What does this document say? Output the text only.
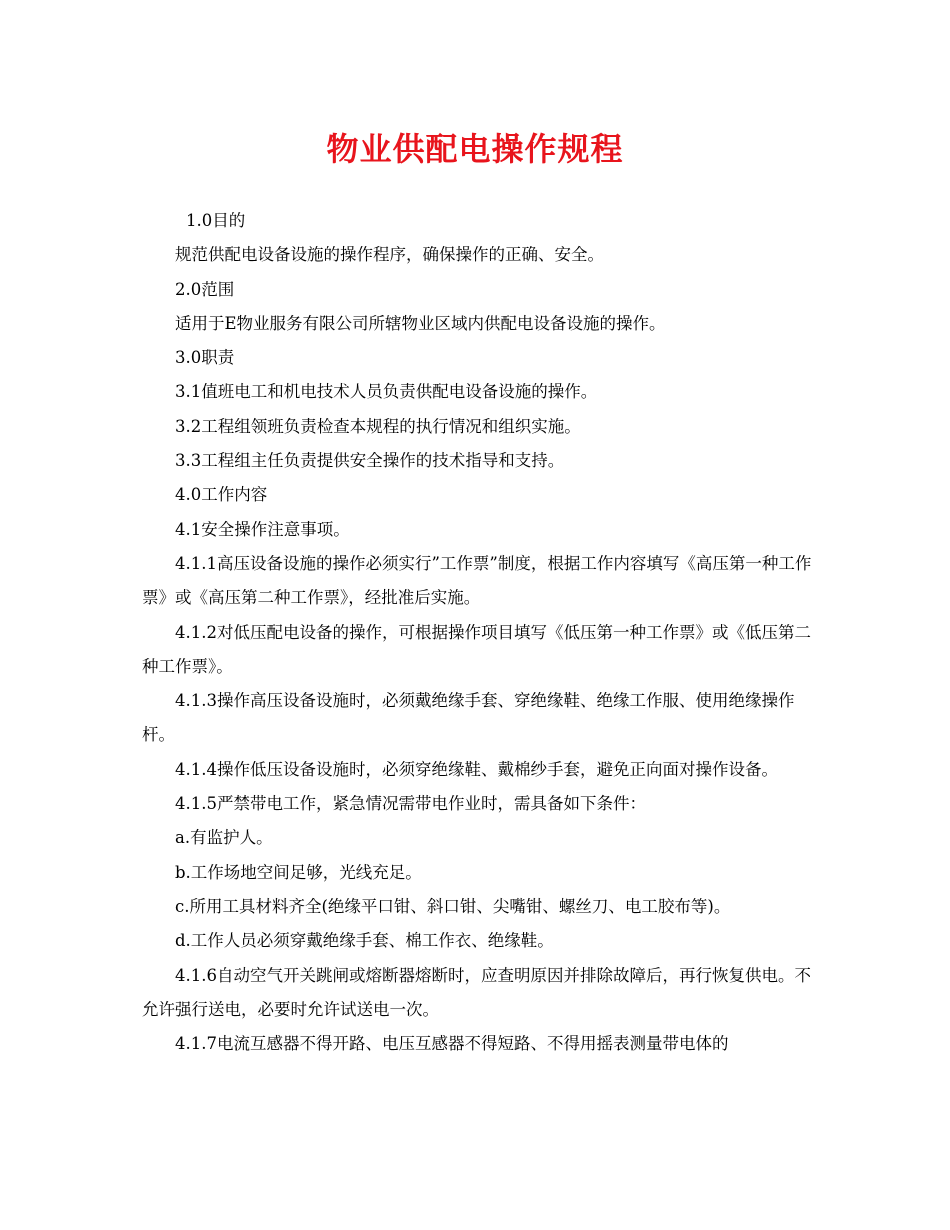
物业供配电操作规程

1.0目的

规范供配电设备设施的操作程序，确保操作的正确、安全。

2.0范围

适用于E物业服务有限公司所辖物业区域内供配电设备设施的操作。

3.0职责

3.1值班电工和机电技术人员负责供配电设备设施的操作。

3.2工程组领班负责检查本规程的执行情况和组织实施。

3.3工程组主任负责提供安全操作的技术指导和支持。

4.0工作内容

4.1安全操作注意事项。

4.1.1高压设备设施的操作必须实行”工作票”制度，根据工作内容填写《高压第一种工作票》或《高压第二种工作票》，经批准后实施。

4.1.2对低压配电设备的操作，可根据操作项目填写《低压第一种工作票》或《低压第二种工作票》。

4.1.3操作高压设备设施时，必须戴绝缘手套、穿绝缘鞋、绝缘工作服、使用绝缘操作杆。

4.1.4操作低压设备设施时，必须穿绝缘鞋、戴棉纱手套，避免正向面对操作设备。

4.1.5严禁带电工作，紧急情况需带电作业时，需具备如下条件：

a.有监护人。

b.工作场地空间足够，光线充足。

c.所用工具材料齐全(绝缘平口钳、斜口钳、尖嘴钳、螺丝刀、电工胶布等)。

d.工作人员必须穿戴绝缘手套、棉工作衣、绝缘鞋。

4.1.6自动空气开关跳闸或熔断器熔断时，应查明原因并排除故障后，再行恢复供电。不允许强行送电，必要时允许试送电一次。

4.1.7电流互感器不得开路、电压互感器不得短路、不得用摇表测量带电体的
